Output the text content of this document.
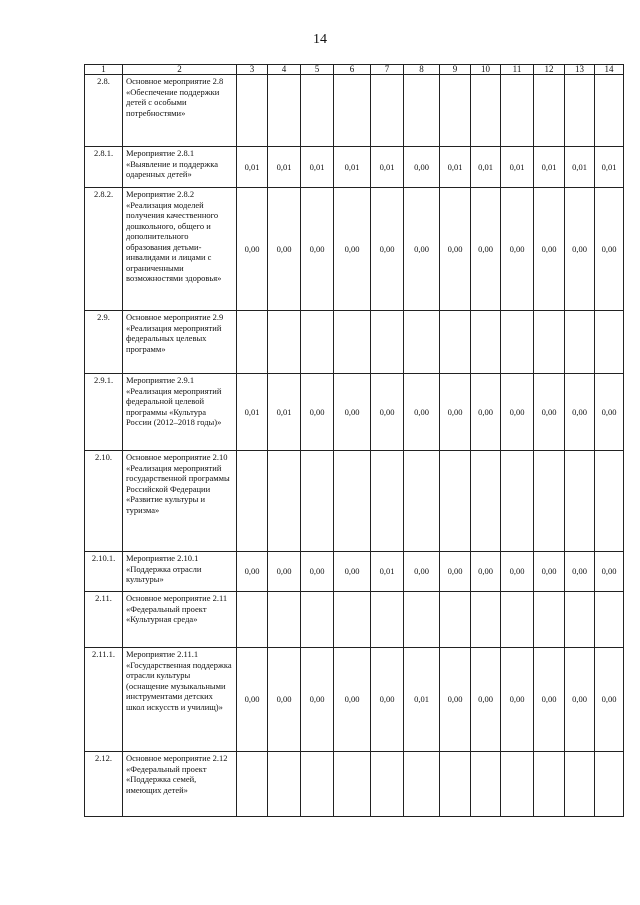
14
1	2	3	4	5	6	7	8	9	10	11	12	13	14
2.8.	Основное мероприятие 2.8 «Обеспечение поддержки детей с особыми потребностями»												
2.8.1.	Мероприятие 2.8.1 «Выявление и поддержка одаренных детей»	0,01	0,01	0,01	0,01	0,01	0,00	0,01	0,01	0,01	0,01	0,01	0,01
2.8.2.	Мероприятие 2.8.2 «Реализация моделей получения качественного дошкольного, общего и дополнительного образования детьми-инвалидами и лицами с ограниченными возможностями здоровья»	0,00	0,00	0,00	0,00	0,00	0,00	0,00	0,00	0,00	0,00	0,00	0,00
2.9.	Основное мероприятие 2.9 «Реализация мероприятий федеральных целевых программ»												
2.9.1.	Мероприятие 2.9.1 «Реализация мероприятий федеральной целевой программы «Культура России (2012–2018 годы)»	0,01	0,01	0,00	0,00	0,00	0,00	0,00	0,00	0,00	0,00	0,00	0,00
2.10.	Основное мероприятие 2.10 «Реализация мероприятий государственной программы Российской Федерации «Развитие культуры и туризма»												
2.10.1.	Мероприятие 2.10.1 «Поддержка отрасли культуры»	0,00	0,00	0,00	0,00	0,01	0,00	0,00	0,00	0,00	0,00	0,00	0,00
2.11.	Основное мероприятие 2.11 «Федеральный проект «Культурная среда»												
2.11.1.	Мероприятие 2.11.1 «Государственная поддержка отрасли культуры (оснащение музыкальными инструментами детских школ искусств и училищ)»	0,00	0,00	0,00	0,00	0,00	0,01	0,00	0,00	0,00	0,00	0,00	0,00
2.12.	Основное мероприятие 2.12 «Федеральный проект «Поддержка семей, имеющих детей»												
